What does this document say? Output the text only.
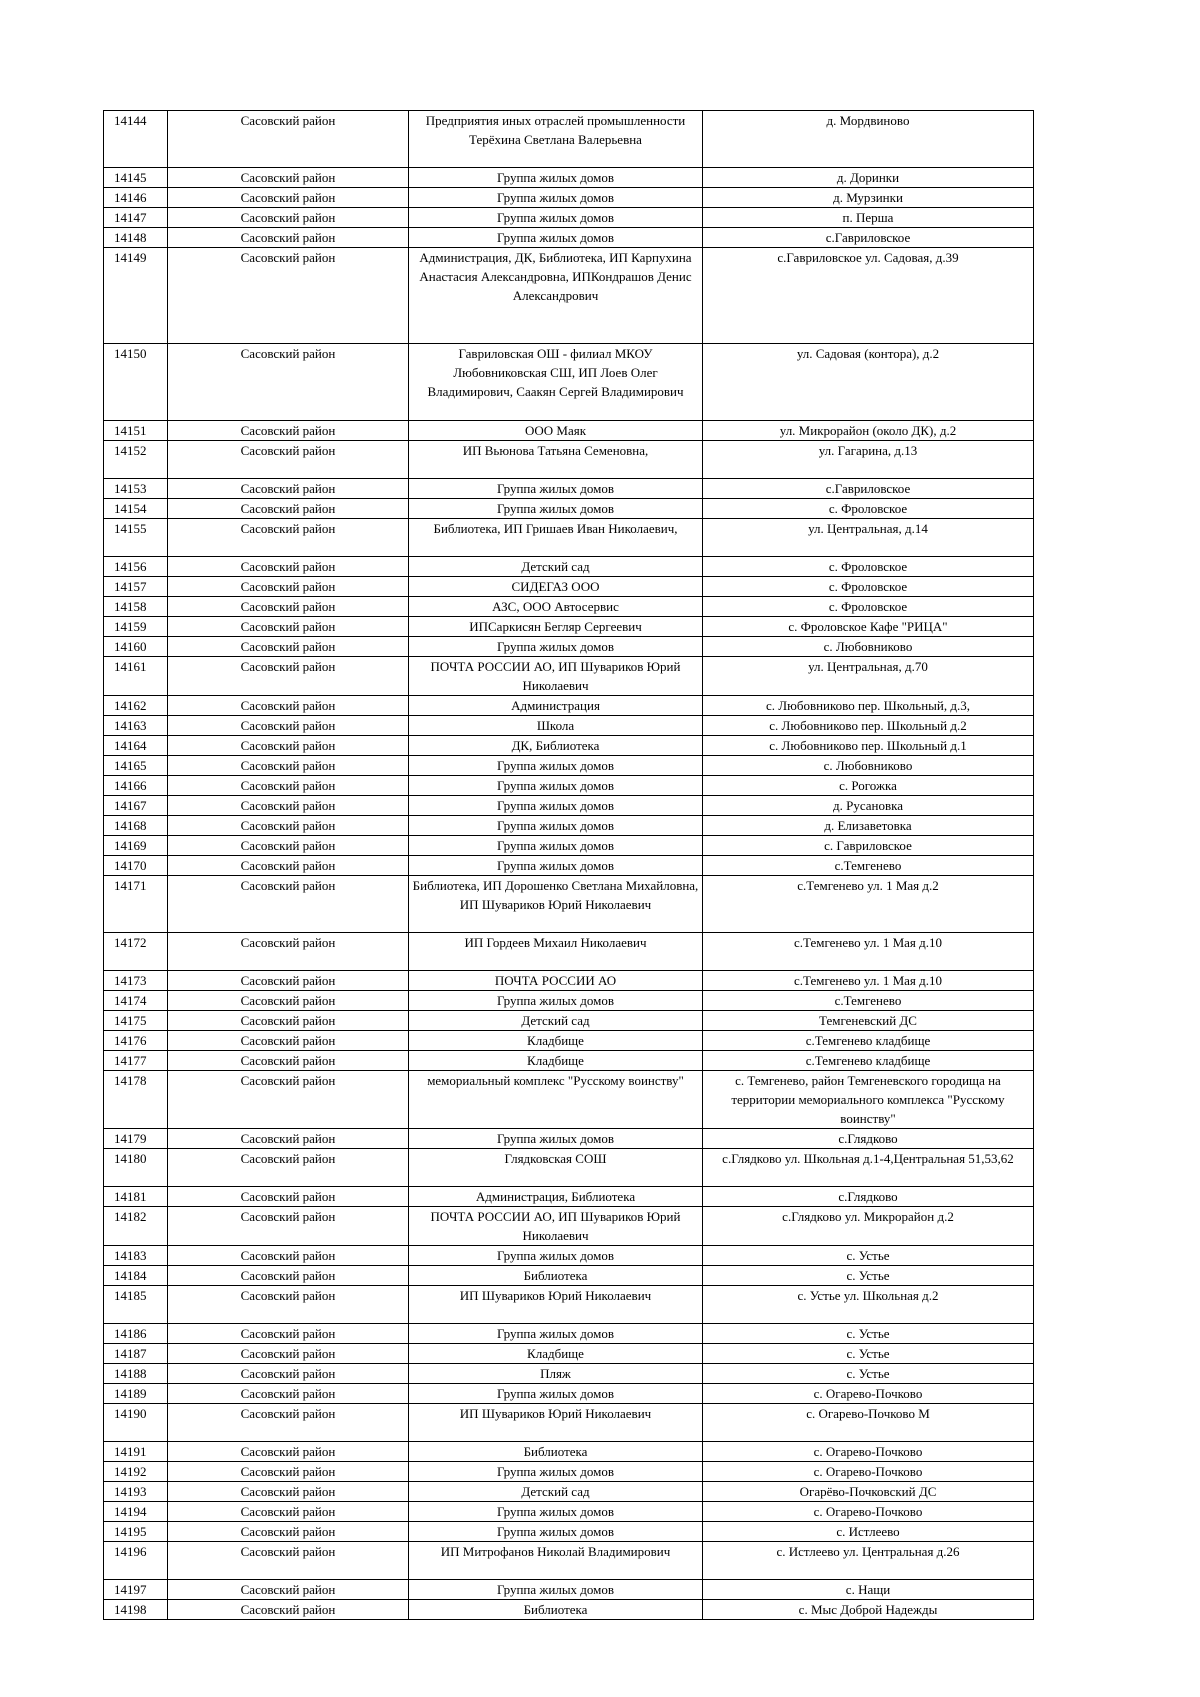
14144	Сасовский район	Предприятия иных отраслей промышленности Терёхина Светлана Валерьевна	д. Мордвиново
14145	Сасовский район	Группа жилых домов	д. Доринки
14146	Сасовский район	Группа жилых домов	д. Мурзинки
14147	Сасовский район	Группа жилых домов	п. Перша
14148	Сасовский район	Группа жилых домов	с.Гавриловское
14149	Сасовский район	Администрация, ДК, Библиотека, ИП Карпухина Анастасия Александровна, ИПКондрашов Денис Александрович	с.Гавриловское ул. Садовая, д.39
14150	Сасовский район	Гавриловская ОШ - филиал МКОУ Любовниковская СШ, ИП Лоев Олег Владимирович, Саакян Сергей Владимирович	ул. Садовая (контора), д.2
14151	Сасовский район	ООО Маяк	ул. Микрорайон (около ДК), д.2
14152	Сасовский район	ИП Вьюнова Татьяна Семеновна,	ул. Гагарина, д.13
14153	Сасовский район	Группа жилых домов	с.Гавриловское
14154	Сасовский район	Группа жилых домов	с. Фроловское
14155	Сасовский район	Библиотека, ИП Гришаев Иван Николаевич,	ул. Центральная, д.14
14156	Сасовский район	Детский сад	с. Фроловское
14157	Сасовский район	СИДЕГАЗ ООО	с. Фроловское
14158	Сасовский район	АЗС, ООО Автосервис	с. Фроловское
14159	Сасовский район	ИПСаркисян Бегляр Сергеевич	с. Фроловское Кафе "РИЦА"
14160	Сасовский район	Группа жилых домов	с. Любовниково
14161	Сасовский район	ПОЧТА РОССИИ АО, ИП Шувариков Юрий Николаевич	ул. Центральная, д.70
14162	Сасовский район	Администрация	с. Любовниково пер. Школьный, д.3,
14163	Сасовский район	Школа	с. Любовниково пер. Школьный д.2
14164	Сасовский район	ДК, Библиотека	с. Любовниково пер. Школьный д.1
14165	Сасовский район	Группа жилых домов	с. Любовниково
14166	Сасовский район	Группа жилых домов	с. Рогожка
14167	Сасовский район	Группа жилых домов	д. Русановка
14168	Сасовский район	Группа жилых домов	д. Елизаветовка
14169	Сасовский район	Группа жилых домов	с. Гавриловское
14170	Сасовский район	Группа жилых домов	с.Темгенево
14171	Сасовский район	Библиотека, ИП Дорошенко Светлана Михайловна, ИП Шувариков Юрий Николаевич	с.Темгенево ул. 1 Мая д.2
14172	Сасовский район	ИП Гордеев Михаил Николаевич	с.Темгенево ул. 1 Мая д.10
14173	Сасовский район	ПОЧТА РОССИИ АО	с.Темгенево ул. 1 Мая д.10
14174	Сасовский район	Группа жилых домов	с.Темгенево
14175	Сасовский район	Детский сад	Темгеневский ДС
14176	Сасовский район	Кладбище	с.Темгенево кладбище
14177	Сасовский район	Кладбище	с.Темгенево кладбище
14178	Сасовский район	мемориальный комплекс "Русскому воинству"	с. Темгенево, район Темгеневского городища на территории мемориального комплекса "Русскому воинству"
14179	Сасовский район	Группа жилых домов	с.Глядково
14180	Сасовский район	Глядковская СОШ	с.Глядково ул. Школьная д.1-4,Центральная 51,53,62
14181	Сасовский район	Администрация, Библиотека	с.Глядково
14182	Сасовский район	ПОЧТА РОССИИ АО, ИП Шувариков Юрий Николаевич	с.Глядково ул. Микрорайон д.2
14183	Сасовский район	Группа жилых домов	с. Устье
14184	Сасовский район	Библиотека	с. Устье
14185	Сасовский район	ИП Шувариков Юрий Николаевич	с. Устье ул. Школьная д.2
14186	Сасовский район	Группа жилых домов	с. Устье
14187	Сасовский район	Кладбище	с. Устье
14188	Сасовский район	Пляж	с. Устье
14189	Сасовский район	Группа жилых домов	с. Огарево-Почково
14190	Сасовский район	ИП Шувариков Юрий Николаевич	с. Огарево-Почково М
14191	Сасовский район	Библиотека	с. Огарево-Почково
14192	Сасовский район	Группа жилых домов	с. Огарево-Почково
14193	Сасовский район	Детский сад	Огарёво-Почковский ДС
14194	Сасовский район	Группа жилых домов	с. Огарево-Почково
14195	Сасовский район	Группа жилых домов	с. Истлеево
14196	Сасовский район	ИП Митрофанов Николай Владимирович	с. Истлеево ул. Центральная д.26
14197	Сасовский район	Группа жилых домов	с. Нащи
14198	Сасовский район	Библиотека	с. Мыс Доброй Надежды
